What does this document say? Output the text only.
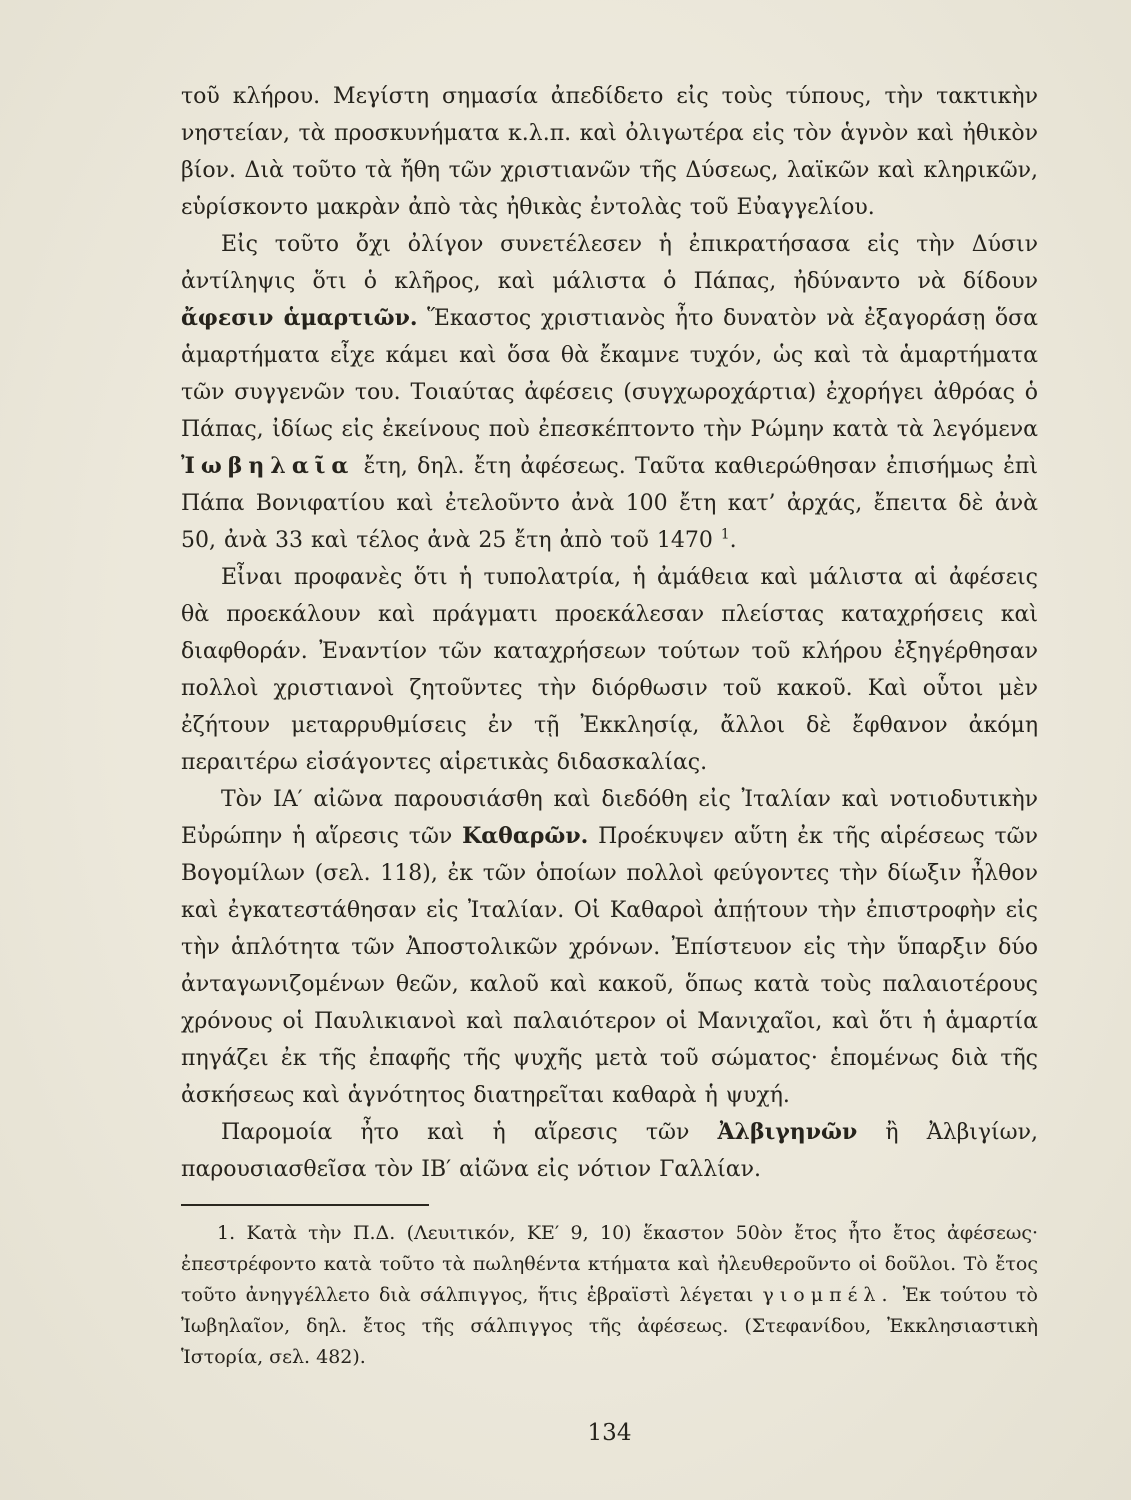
τοῦ κλήρου. Μεγίστη σημασία ἀπεδίδετο εἰς τοὺς τύπους, τὴν τακτικὴν νηστείαν, τὰ προσκυνήματα κ.λ.π. καὶ ὀλιγωτέρα εἰς τὸν ἁγνὸν καὶ ἠθικὸν βίον. Διὰ τοῦτο τὰ ἤθη τῶν χριστιανῶν τῆς Δύσεως, λαϊκῶν καὶ κληρικῶν, εὑρίσκοντο μακρὰν ἀπὸ τὰς ἠθικὰς ἐντολὰς τοῦ Εὐαγγελίου.

Εἰς τοῦτο ὄχι ὀλίγον συνετέλεσεν ἡ ἐπικρατήσασα εἰς τὴν Δύσιν ἀντίληψις ὅτι ὁ κλῆρος, καὶ μάλιστα ὁ Πάπας, ἠδύναντο νὰ δίδουν ἄφεσιν ἁμαρτιῶν. Ἕκαστος χριστιανὸς ἦτο δυνατὸν νὰ ἐξαγοράσῃ ὅσα ἁμαρτήματα εἶχε κάμει καὶ ὅσα θὰ ἔκαμνε τυχόν, ὡς καὶ τὰ ἁμαρτήματα τῶν συγγενῶν του. Τοιαύτας ἀφέσεις (συγχωροχάρτια) ἐχορήγει ἀθρόας ὁ Πάπας, ἰδίως εἰς ἐκείνους ποὺ ἐπεσκέπτοντο τὴν Ρώμην κατὰ τὰ λεγόμενα Ἰωβηλαῖα ἔτη, δηλ. ἔτη ἀφέσεως. Ταῦτα καθιερώθησαν ἐπισήμως ἐπὶ Πάπα Βονιφατίου καὶ ἐτελοῦντο ἀνὰ 100 ἔτη κατ’ ἀρχάς, ἔπειτα δὲ ἀνὰ 50, ἀνὰ 33 καὶ τέλος ἀνὰ 25 ἔτη ἀπὸ τοῦ 1470 $^1$.

Εἶναι προφανὲς ὅτι ἡ τυπολατρία, ἡ ἀμάθεια καὶ μάλιστα αἱ ἀφέσεις θὰ προεκάλουν καὶ πράγματι προεκάλεσαν πλείστας καταχρήσεις καὶ διαφθοράν. Ἐναντίον τῶν καταχρήσεων τούτων τοῦ κλήρου ἐξηγέρθησαν πολλοὶ χριστιανοὶ ζητοῦντες τὴν διόρθωσιν τοῦ κακοῦ. Καὶ οὗτοι μὲν ἐζήτουν μεταρρυθμίσεις ἐν τῇ Ἐκκλησίᾳ, ἄλλοι δὲ ἔφθανον ἀκόμη περαιτέρω εἰσάγοντες αἱρετικὰς διδασκαλίας.

Τὸν ΙΑ′ αἰῶνα παρουσιάσθη καὶ διεδόθη εἰς Ἰταλίαν καὶ νοτιοδυτικὴν Εὐρώπην ἡ αἵρεσις τῶν Καθαρῶν. Προέκυψεν αὕτη ἐκ τῆς αἱρέσεως τῶν Βογομίλων (σελ. 118), ἐκ τῶν ὁποίων πολλοὶ φεύγοντες τὴν δίωξιν ἦλθον καὶ ἐγκατεστάθησαν εἰς Ἰταλίαν. Οἱ Καθαροὶ ἀπῄτουν τὴν ἐπιστροφὴν εἰς τὴν ἁπλότητα τῶν Ἀποστολικῶν χρόνων. Ἐπίστευον εἰς τὴν ὕπαρξιν δύο ἀνταγωνιζομένων θεῶν, καλοῦ καὶ κακοῦ, ὅπως κατὰ τοὺς παλαιοτέρους χρόνους οἱ Παυλικιανοὶ καὶ παλαιότερον οἱ Μανιχαῖοι, καὶ ὅτι ἡ ἁμαρτία πηγάζει ἐκ τῆς ἐπαφῆς τῆς ψυχῆς μετὰ τοῦ σώματος· ἑπομένως διὰ τῆς ἀσκήσεως καὶ ἁγνότητος διατηρεῖται καθαρὰ ἡ ψυχή.

Παρομοία ἦτο καὶ ἡ αἵρεσις τῶν Ἀλβιγηνῶν ἢ Ἀλβιγίων, παρουσιασθεῖσα τὸν ΙΒ′ αἰῶνα εἰς νότιον Γαλλίαν.

1. Κατὰ τὴν Π.Δ. (Λευιτικόν, ΚΕ′ 9, 10) ἕκαστον 50ὸν ἔτος ἦτο ἔτος ἀφέσεως· ἐπεστρέφοντο κατὰ τοῦτο τὰ πωληθέντα κτήματα καὶ ἠλευθεροῦντο οἱ δοῦλοι. Τὸ ἔτος τοῦτο ἀνηγγέλλετο διὰ σάλπιγγος, ἥτις ἑβραϊστὶ λέγεται γιομπέλ. Ἐκ τούτου τὸ Ἰωβηλαῖον, δηλ. ἔτος τῆς σάλπιγγος τῆς ἀφέσεως. (Στεφανίδου, Ἐκκλησιαστικὴ Ἱστορία, σελ. 482).

134
